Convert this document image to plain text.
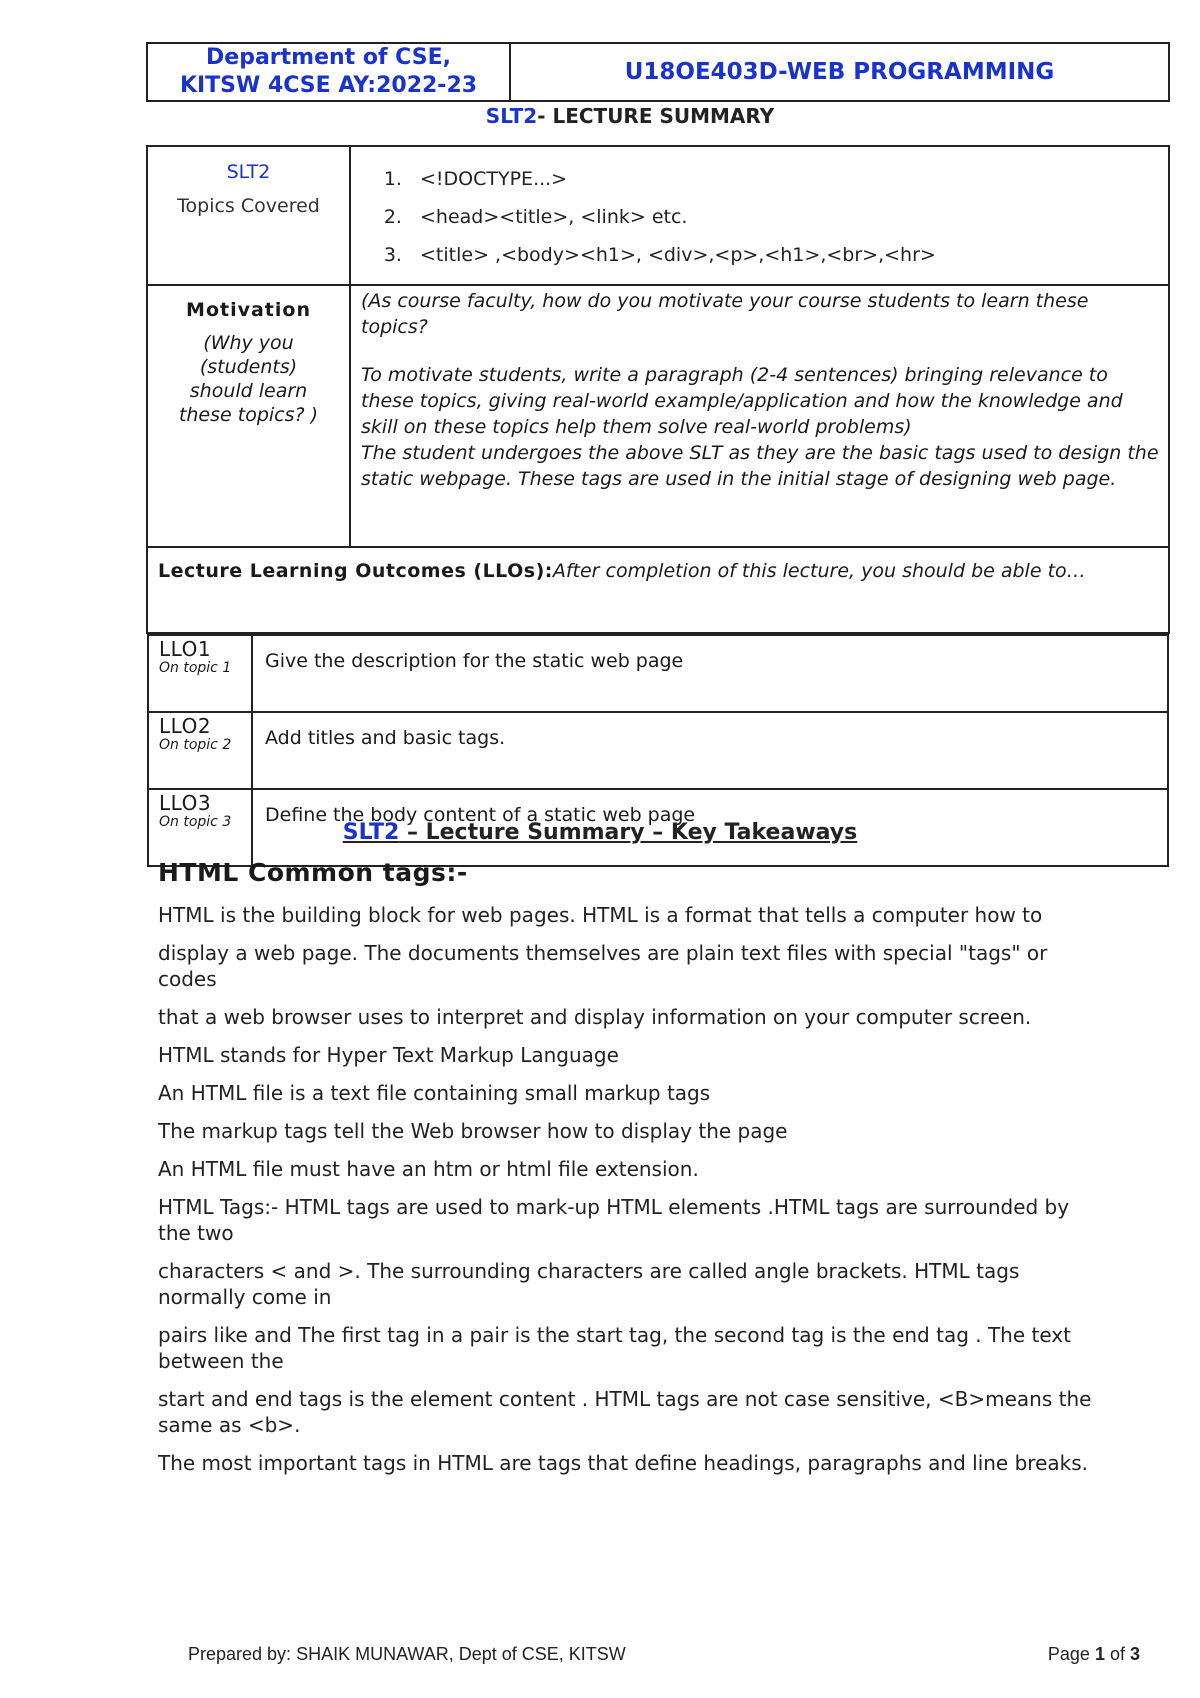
Department of CSE,
KITSW 4CSE AY:2022-23
U18OE403D-WEB PROGRAMMING
SLT2- LECTURE SUMMARY
SLT2
Topics Covered

1. <!DOCTYPE...>
2. <head><title>, <link> etc.
3. <title> ,<body><h1>, <div>,<p>,<h1>,<br>,<hr>

Motivation
(Why you (students) should learn these topics? )

(As course faculty, how do you motivate your course students to learn these topics?

To motivate students, write a paragraph (2-4 sentences) bringing relevance to these topics, giving real-world example/application and how the knowledge and skill on these topics help them solve real-world problems)

The student undergoes the above SLT as they are the basic tags used to design the static webpage. These tags are used in the initial stage of designing web page.

Lecture Learning Outcomes (LLOs):After completion of this lecture, you should be able to…

LLO1
On topic 1	Give the description for the static web page

LLO2
On topic 2	Add titles and basic tags.

LLO3
On topic 3	Define the body content of a static web page
SLT2 – Lecture Summary – Key Takeaways
HTML Common tags:-

HTML is the building block for web pages. HTML is a format that tells a computer how to

display a web page. The documents themselves are plain text files with special "tags" or codes

that a web browser uses to interpret and display information on your computer screen.

HTML stands for Hyper Text Markup Language

An HTML file is a text file containing small markup tags

The markup tags tell the Web browser how to display the page

An HTML file must have an htm or html file extension.

HTML Tags:- HTML tags are used to mark-up HTML elements .HTML tags are surrounded by the two

characters < and >. The surrounding characters are called angle brackets. HTML tags normally come in

pairs like and The first tag in a pair is the start tag, the second tag is the end tag . The text between the

start and end tags is the element content . HTML tags are not case sensitive, <B>means the same as <b>.

The most important tags in HTML are tags that define headings, paragraphs and line breaks.

Prepared by: SHAIK MUNAWAR, Dept of CSE, KITSW	Page 1 of 3
